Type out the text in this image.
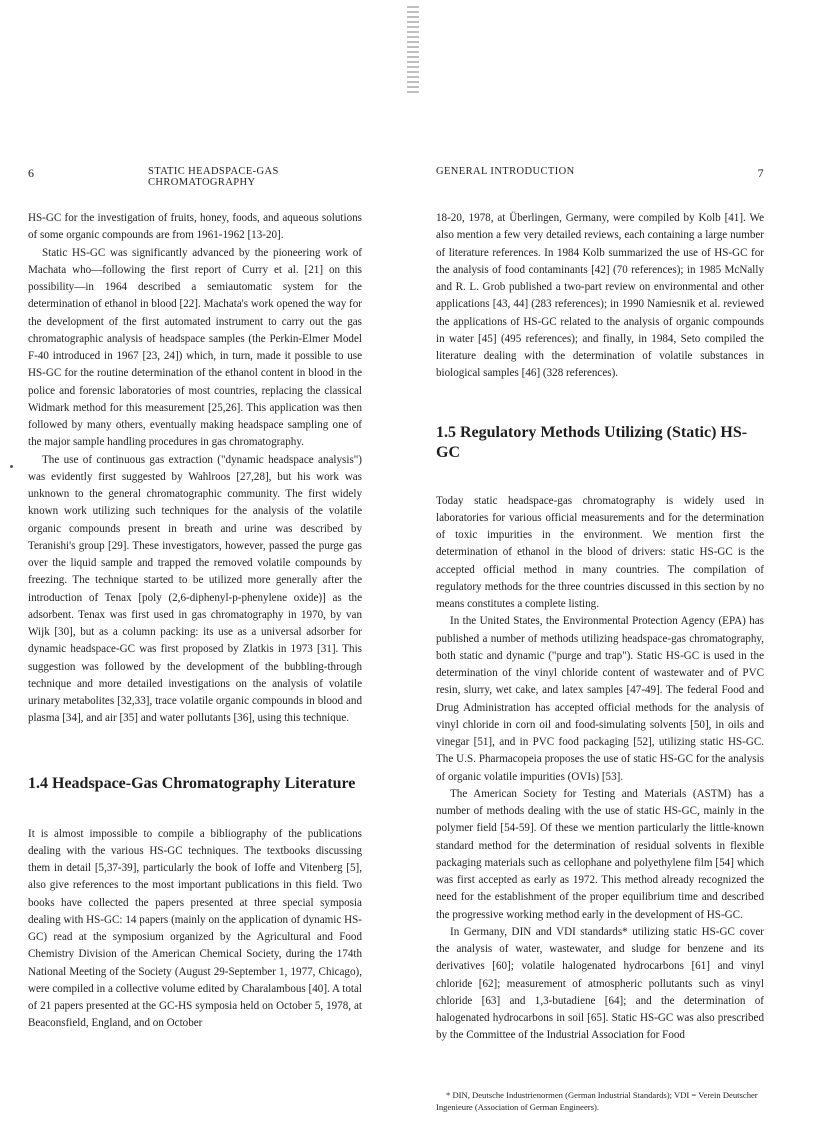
6	STATIC HEADSPACE-GAS CHROMATOGRAPHY

HS-GC for the investigation of fruits, honey, foods, and aqueous solutions of some organic compounds are from 1961-1962 [13-20].

Static HS-GC was significantly advanced by the pioneering work of Machata who—following the first report of Curry et al. [21] on this possibility—in 1964 described a semiautomatic system for the determination of ethanol in blood [22]. Machata's work opened the way for the development of the first automated instrument to carry out the gas chromatographic analysis of headspace samples (the Perkin-Elmer Model F-40 introduced in 1967 [23, 24]) which, in turn, made it possible to use HS-GC for the routine determination of the ethanol content in blood in the police and forensic laboratories of most countries, replacing the classical Widmark method for this measurement [25,26]. This application was then followed by many others, eventually making headspace sampling one of the major sample handling procedures in gas chromatography.

The use of continuous gas extraction ("dynamic headspace analysis") was evidently first suggested by Wahlroos [27,28], but his work was unknown to the general chromatographic community. The first widely known work utilizing such techniques for the analysis of the volatile organic compounds present in breath and urine was described by Teranishi's group [29]. These investigators, however, passed the purge gas over the liquid sample and trapped the removed volatile compounds by freezing. The technique started to be utilized more generally after the introduction of Tenax [poly (2,6-diphenyl-p-phenylene oxide)] as the adsorbent. Tenax was first used in gas chromatography in 1970, by van Wijk [30], but as a column packing: its use as a universal adsorber for dynamic headspace-GC was first proposed by Zlatkis in 1973 [31]. This suggestion was followed by the development of the bubbling-through technique and more detailed investigations on the analysis of volatile urinary metabolites [32,33], trace volatile organic compounds in blood and plasma [34], and air [35] and water pollutants [36], using this technique.

1.4 Headspace-Gas Chromatography Literature

It is almost impossible to compile a bibliography of the publications dealing with the various HS-GC techniques. The textbooks discussing them in detail [5,37-39], particularly the book of Ioffe and Vitenberg [5], also give references to the most important publications in this field. Two books have collected the papers presented at three special symposia dealing with HS-GC: 14 papers (mainly on the application of dynamic HS-GC) read at the symposium organized by the Agricultural and Food Chemistry Division of the American Chemical Society, during the 174th National Meeting of the Society (August 29-September 1, 1977, Chicago), were compiled in a collective volume edited by Charalambous [40]. A total of 21 papers presented at the GC-HS symposia held on October 5, 1978, at Beaconsfield, England, and on October

GENERAL INTRODUCTION	7

18-20, 1978, at Überlingen, Germany, were compiled by Kolb [41]. We also mention a few very detailed reviews, each containing a large number of literature references. In 1984 Kolb summarized the use of HS-GC for the analysis of food contaminants [42] (70 references); in 1985 McNally and R. L. Grob published a two-part review on environmental and other applications [43, 44] (283 references); in 1990 Namiesnik et al. reviewed the applications of HS-GC related to the analysis of organic compounds in water [45] (495 references); and finally, in 1984, Seto compiled the literature dealing with the determination of volatile substances in biological samples [46] (328 references).

1.5 Regulatory Methods Utilizing (Static) HS-GC

Today static headspace-gas chromatography is widely used in laboratories for various official measurements and for the determination of toxic impurities in the environment. We mention first the determination of ethanol in the blood of drivers: static HS-GC is the accepted official method in many countries. The compilation of regulatory methods for the three countries discussed in this section by no means constitutes a complete listing.

In the United States, the Environmental Protection Agency (EPA) has published a number of methods utilizing headspace-gas chromatography, both static and dynamic ("purge and trap"). Static HS-GC is used in the determination of the vinyl chloride content of wastewater and of PVC resin, slurry, wet cake, and latex samples [47-49]. The federal Food and Drug Administration has accepted official methods for the analysis of vinyl chloride in corn oil and food-simulating solvents [50], in oils and vinegar [51], and in PVC food packaging [52], utilizing static HS-GC. The U.S. Pharmacopeia proposes the use of static HS-GC for the analysis of organic volatile impurities (OVIs) [53].

The American Society for Testing and Materials (ASTM) has a number of methods dealing with the use of static HS-GC, mainly in the polymer field [54-59]. Of these we mention particularly the little-known standard method for the determination of residual solvents in flexible packaging materials such as cellophane and polyethylene film [54] which was first accepted as early as 1972. This method already recognized the need for the establishment of the proper equilibrium time and described the progressive working method early in the development of HS-GC.

In Germany, DIN and VDI standards* utilizing static HS-GC cover the analysis of water, wastewater, and sludge for benzene and its derivatives [60]; volatile halogenated hydrocarbons [61] and vinyl chloride [62]; measurement of atmospheric pollutants such as vinyl chloride [63] and 1,3-butadiene [64]; and the determination of halogenated hydrocarbons in soil [65]. Static HS-GC was also prescribed by the Committee of the Industrial Association for Food

* DIN, Deutsche Industrienormen (German Industrial Standards); VDI = Verein Deutscher Ingenieure (Association of German Engineers).
